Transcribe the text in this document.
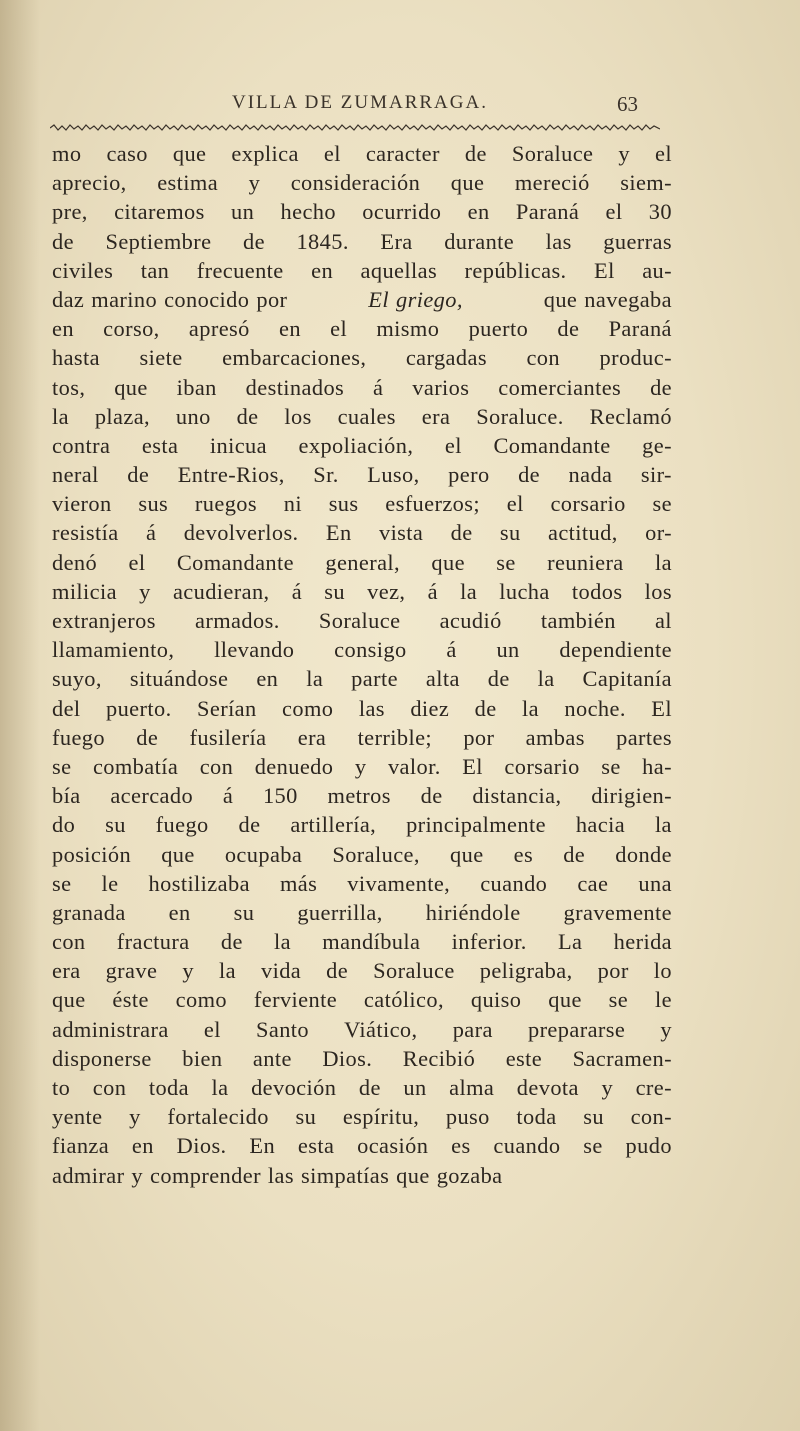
VILLA DE ZUMARRAGA.	63
mo caso que explica el caracter de Soraluce y el
aprecio, estima y consideración que mereció siem-
pre, citaremos un hecho ocurrido en Paraná el 30
de Septiembre de 1845. Era durante las guerras
civiles tan frecuente en aquellas repúblicas. El au-
daz marino conocido por	El griego,	que navegaba
en corso, apresó en el mismo puerto de Paraná
hasta siete embarcaciones, cargadas con produc-
tos, que iban destinados á varios comerciantes de
la plaza, uno de los cuales era Soraluce. Reclamó
contra esta inicua expoliación, el Comandante ge-
neral de Entre-Rios, Sr. Luso, pero de nada sir-
vieron sus ruegos ni sus esfuerzos; el corsario se
resistía á devolverlos. En vista de su actitud, or-
denó el Comandante general, que se reuniera la
milicia y acudieran, á su vez, á la lucha todos los
extranjeros armados. Soraluce acudió también al
llamamiento, llevando consigo á un dependiente
suyo, situándose en la parte alta de la Capitanía
del puerto. Serían como las diez de la noche. El
fuego de fusilería era terrible; por ambas partes
se combatía con denuedo y valor. El corsario se ha-
bía acercado á 150 metros de distancia, dirigien-
do su fuego de artillería, principalmente hacia la
posición que ocupaba Soraluce, que es de donde
se le hostilizaba más vivamente, cuando cae una
granada en su guerrilla, hiriéndole gravemente
con fractura de la mandíbula inferior. La herida
era grave y la vida de Soraluce peligraba, por lo
que éste como ferviente católico, quiso que se le
administrara el Santo Viático, para prepararse y
disponerse bien ante Dios. Recibió este Sacramen-
to con toda la devoción de un alma devota y cre-
yente y fortalecido su espíritu, puso toda su con-
fianza en Dios. En esta ocasión es cuando se pudo
admirar y comprender las simpatías que gozaba
